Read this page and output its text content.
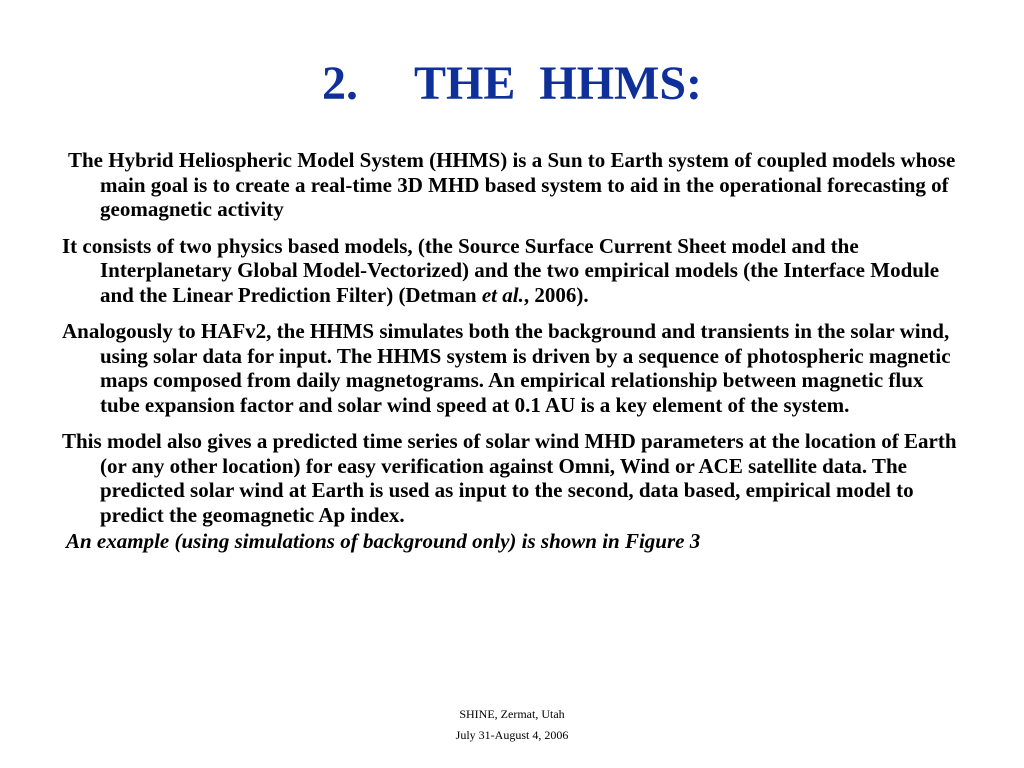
2. THE  HHMS:

The Hybrid Heliospheric Model System (HHMS) is a Sun to Earth system of coupled models whose main goal is to create a real-time 3D MHD based system to aid in the operational forecasting of geomagnetic activity

It consists of two physics based models, (the Source Surface Current Sheet model and the Interplanetary Global Model-Vectorized) and the two empirical models (the Interface Module and the Linear Prediction Filter) (Detman et al., 2006).

Analogously to HAFv2, the HHMS simulates both the background and transients in the solar wind, using solar data for input. The HHMS system is driven by a sequence of photospheric magnetic maps composed from daily magnetograms. An empirical relationship between magnetic flux tube expansion factor and solar wind speed at 0.1 AU is a key element of the system.

This model also gives a predicted time series of solar wind MHD parameters at the location of Earth (or any other location) for easy verification against Omni, Wind or ACE satellite data. The predicted solar wind at Earth is used as input to the second, data based, empirical model to predict the geomagnetic Ap index.

An example (using simulations of background only) is shown in Figure 3

SHINE, Zermat, Utah
July 31-August 4, 2006
